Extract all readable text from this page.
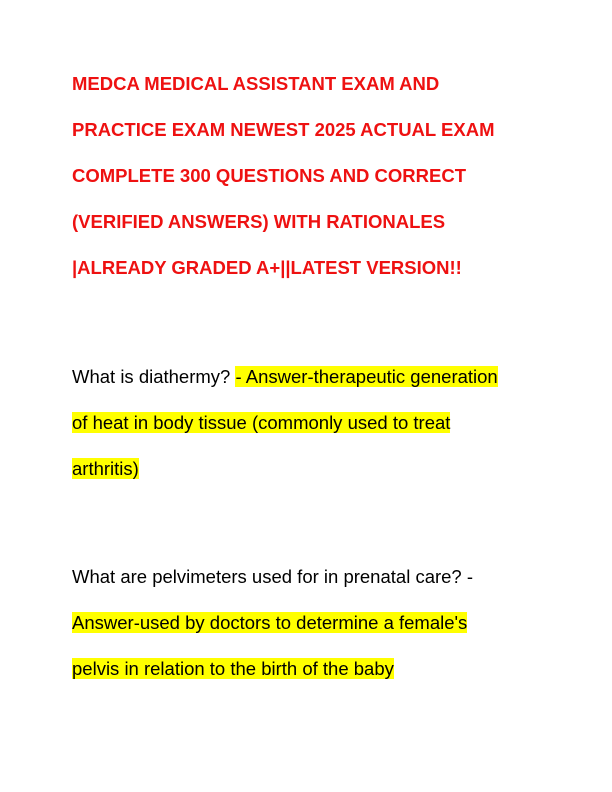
MEDCA MEDICAL ASSISTANT EXAM AND
PRACTICE EXAM NEWEST 2025 ACTUAL EXAM
COMPLETE 300 QUESTIONS AND CORRECT
(VERIFIED ANSWERS) WITH RATIONALES
|ALREADY GRADED A+||LATEST VERSION!!
What is diathermy? - Answer-therapeutic generation
of heat in body tissue (commonly used to treat
arthritis)
What are pelvimeters used for in prenatal care? -
Answer-used by doctors to determine a female's
pelvis in relation to the birth of the baby
